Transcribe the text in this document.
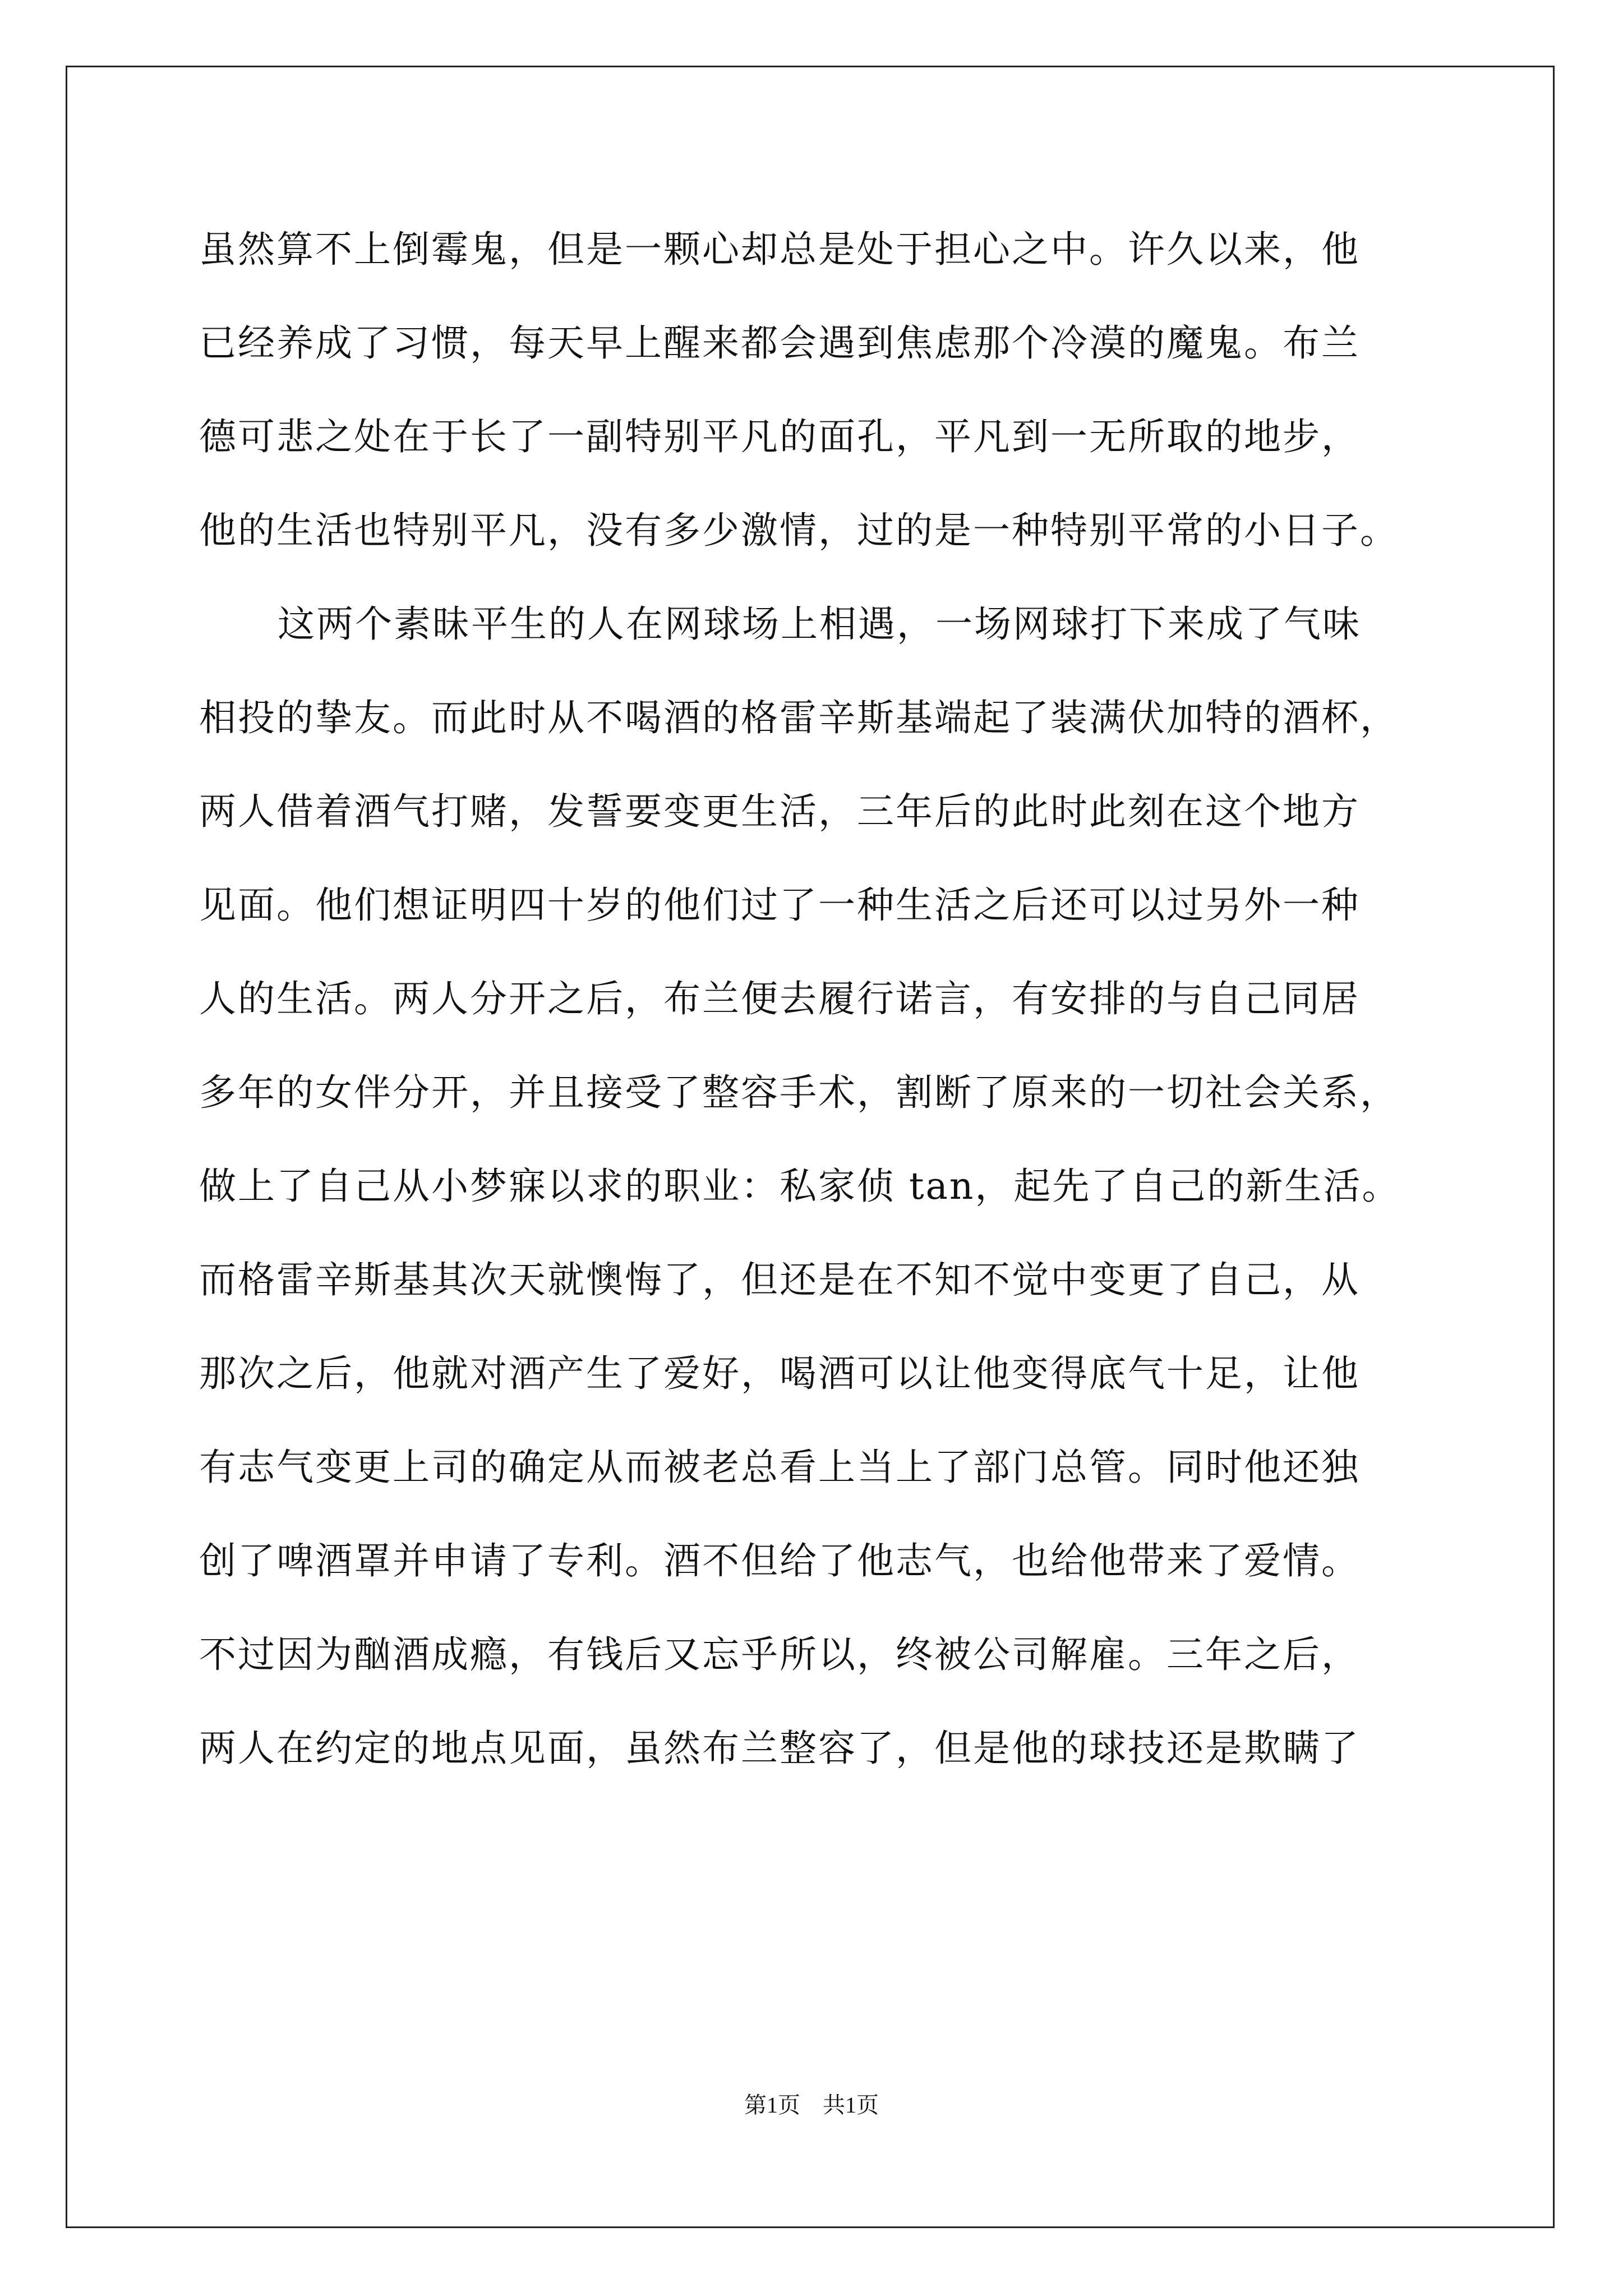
虽然算不上倒霉鬼，但是一颗心却总是处于担心之中。许久以来，他
已经养成了习惯，每天早上醒来都会遇到焦虑那个冷漠的魔鬼。布兰
德可悲之处在于长了一副特别平凡的面孔，平凡到一无所取的地步，
他的生活也特别平凡，没有多少激情，过的是一种特别平常的小日子。
这两个素昧平生的人在网球场上相遇，一场网球打下来成了气味
相投的挚友。而此时从不喝酒的格雷辛斯基端起了装满伏加特的酒杯，
两人借着酒气打赌，发誓要变更生活，三年后的此时此刻在这个地方
见面。他们想证明四十岁的他们过了一种生活之后还可以过另外一种
人的生活。两人分开之后，布兰便去履行诺言，有安排的与自己同居
多年的女伴分开，并且接受了整容手术，割断了原来的一切社会关系，
做上了自己从小梦寐以求的职业：私家侦 tan，起先了自己的新生活。
而格雷辛斯基其次天就懊悔了，但还是在不知不觉中变更了自己，从
那次之后，他就对酒产生了爱好，喝酒可以让他变得底气十足，让他
有志气变更上司的确定从而被老总看上当上了部门总管。同时他还独
创了啤酒罩并申请了专利。酒不但给了他志气，也给他带来了爱情。
不过因为酗酒成瘾，有钱后又忘乎所以，终被公司解雇。三年之后，
两人在约定的地点见面，虽然布兰整容了，但是他的球技还是欺瞒了
第1页　共1页
